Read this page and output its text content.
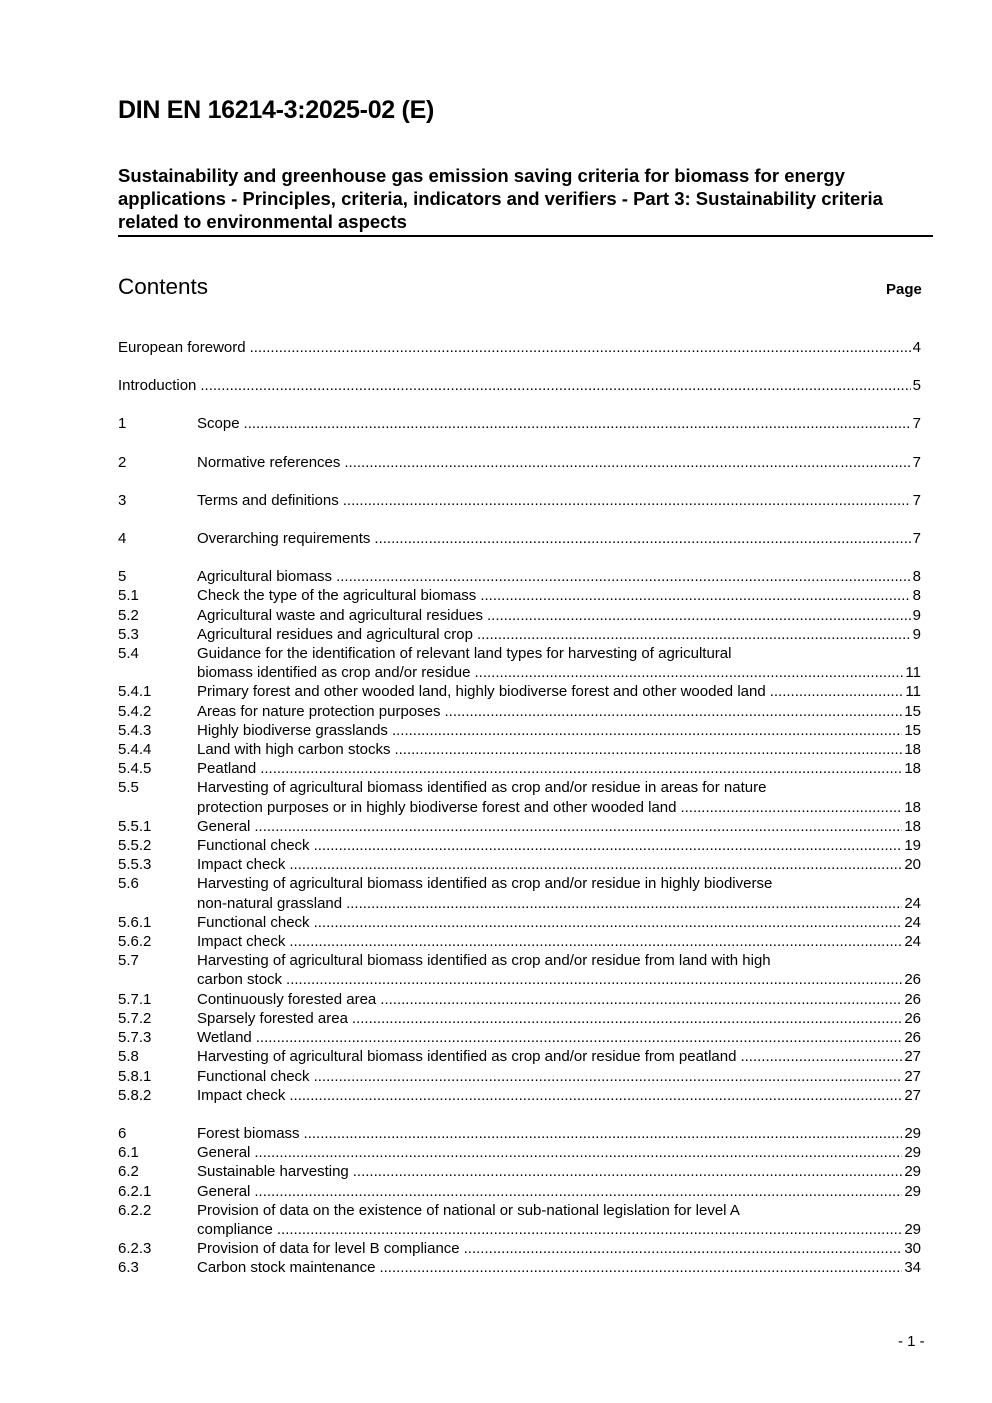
DIN EN 16214-3:2025-02 (E)
Sustainability and greenhouse gas emission saving criteria for biomass for energy applications - Principles, criteria, indicators and verifiers - Part 3: Sustainability criteria related to environmental aspects
Contents	Page
European foreword .....	4
Introduction .....	5
1	Scope .....	7
2	Normative references .....	7
3	Terms and definitions .....	7
4	Overarching requirements .....	7
5	Agricultural biomass .....	8
5.1	Check the type of the agricultural biomass .....	8
5.2	Agricultural waste and agricultural residues .....	9
5.3	Agricultural residues and agricultural crop .....	9
5.4	Guidance for the identification of relevant land types for harvesting of agricultural
biomass identified as crop and/or residue .....	11
5.4.1	Primary forest and other wooded land, highly biodiverse forest and other wooded land .....	11
5.4.2	Areas for nature protection purposes .....	15
5.4.3	Highly biodiverse grasslands .....	15
5.4.4	Land with high carbon stocks .....	18
5.4.5	Peatland .....	18
5.5	Harvesting of agricultural biomass identified as crop and/or residue in areas for nature
protection purposes or in highly biodiverse forest and other wooded land .....	18
5.5.1	General .....	18
5.5.2	Functional check .....	19
5.5.3	Impact check .....	20
5.6	Harvesting of agricultural biomass identified as crop and/or residue in highly biodiverse
non-natural grassland .....	24
5.6.1	Functional check .....	24
5.6.2	Impact check .....	24
5.7	Harvesting of agricultural biomass identified as crop and/or residue from land with high
carbon stock .....	26
5.7.1	Continuously forested area .....	26
5.7.2	Sparsely forested area .....	26
5.7.3	Wetland .....	26
5.8	Harvesting of agricultural biomass identified as crop and/or residue from peatland .....	27
5.8.1	Functional check .....	27
5.8.2	Impact check .....	27
6	Forest biomass .....	29
6.1	General .....	29
6.2	Sustainable harvesting .....	29
6.2.1	General .....	29
6.2.2	Provision of data on the existence of national or sub-national legislation for level A
compliance .....	29
6.2.3	Provision of data for level B compliance .....	30
6.3	Carbon stock maintenance .....	34
- 1 -
